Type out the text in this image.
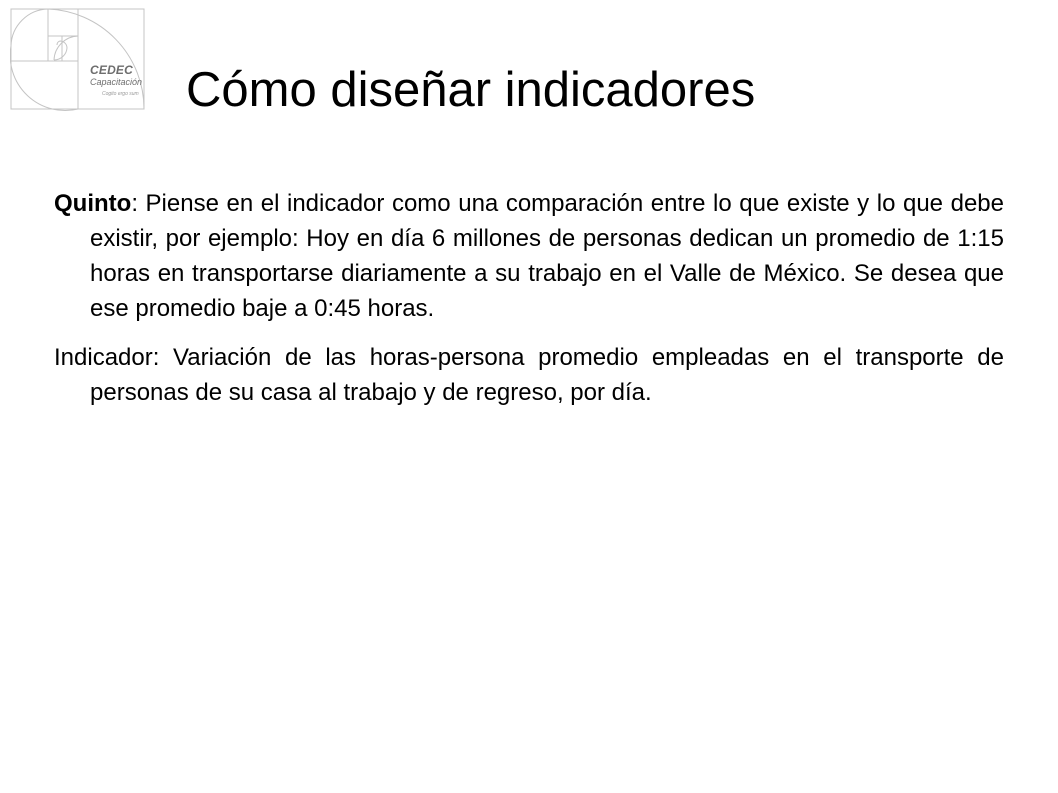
CEDEC
Capacitación
Cogito ergo sum Cómo diseñar indicadores

Quinto: Piense en el indicador como una comparación entre lo que existe y lo que debe existir, por ejemplo: Hoy en día 6 millones de personas dedican un promedio de 1:15 horas en transportarse diariamente a su trabajo en el Valle de México. Se desea que ese promedio baje a 0:45 horas.

Indicador: Variación de las horas-persona promedio empleadas en el transporte de personas de su casa al trabajo y de regreso, por día.
